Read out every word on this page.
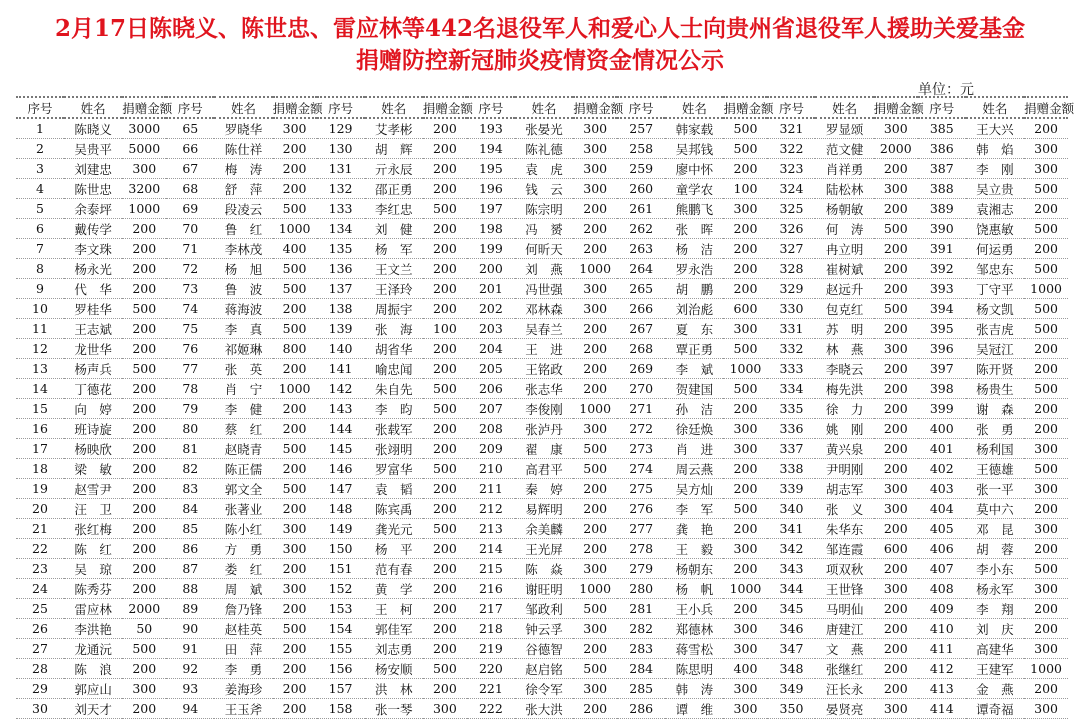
2月17日陈晓义、陈世忠、雷应林等442名退役军人和爱心人士向贵州省退役军人援助关爱基金
捐赠防控新冠肺炎疫情资金情况公示
单位：元
序号	姓名	捐赠金额	序号	姓名	捐赠金额	序号	姓名	捐赠金额	序号	姓名	捐赠金额	序号	姓名	捐赠金额	序号	姓名	捐赠金额	序号	姓名	捐赠金额
1	陈晓义	3000	65	罗晓华	300	129	艾孝彬	200	193	张晏光	300	257	韩家载	500	321	罗显颂	300	385	王大兴	200
2	吴贵平	5000	66	陈仕祥	200	130	胡　辉	200	194	陈礼德	300	258	吴邦钱	500	322	范文健	2000	386	韩　焰	300
3	刘建忠	300	67	梅　涛	200	131	亓永辰	200	195	袁　虎	300	259	廖中怀	200	323	肖祥勇	200	387	李　刚	300
4	陈世忠	3200	68	舒　萍	200	132	邵正勇	200	196	钱　云	300	260	童学农	100	324	陆松林	300	388	吴立贵	500
5	余泰坪	1000	69	段凌云	500	133	李红忠	500	197	陈宗明	200	261	熊鹏飞	300	325	杨朝敏	200	389	袁湘志	200
6	戴传学	200	70	鲁　红	1000	134	刘　健	200	198	冯　赟	200	262	张　晖	200	326	何　涛	500	390	饶惠敏	500
7	李文珠	200	71	李林茂	400	135	杨　军	200	199	何昕天	200	263	杨　洁	200	327	冉立明	200	391	何运勇	200
8	杨永光	200	72	杨　旭	500	136	王文兰	200	200	刘　燕	1000	264	罗永浩	200	328	崔树斌	200	392	邹忠东	500
9	代　华	200	73	鲁　波	500	137	王泽玲	200	201	冯世强	300	265	胡　鹏	200	329	赵远升	200	393	丁守平	1000
10	罗桂华	500	74	蒋海波	200	138	周振宇	200	202	邓林森	300	266	刘治彪	600	330	包克红	500	394	杨文凯	500
11	王志斌	200	75	李　真	500	139	张　海	100	203	吴春兰	200	267	夏　东	300	331	苏　明	200	395	张吉虎	500
12	龙世华	200	76	祁姬琳	800	140	胡省华	200	204	王　进	200	268	覃正勇	500	332	林　燕	300	396	吴冠江	200
13	杨声兵	500	77	张　英	200	141	喻忠闻	200	205	王铭政	200	269	李　斌	1000	333	李晓云	200	397	陈开贤	200
14	丁德花	200	78	肖　宁	1000	142	朱自先	500	206	张志华	200	270	贺建国	500	334	梅先洪	200	398	杨贵生	500
15	向　婷	200	79	李　健	200	143	李　昀	500	207	李俊刚	1000	271	孙　洁	200	335	徐　力	200	399	谢　森	200
16	班诗旋	200	80	蔡　红	200	144	张载军	200	208	张泸丹	300	272	徐廷焕	300	336	姚　刚	200	400	张　勇	200
17	杨映欣	200	81	赵晓青	500	145	张翊明	200	209	翟　康	500	273	肖　进	300	337	黄兴泉	200	401	杨利国	300
18	梁　敏	200	82	陈正儒	200	146	罗富华	500	210	高君平	500	274	周云燕	200	338	尹明刚	200	402	王德雄	500
19	赵雪尹	200	83	郭文全	500	147	袁　韬	200	211	秦　婷	200	275	吴方灿	200	339	胡志军	300	403	张一平	300
20	汪　卫	200	84	张著业	200	148	陈宾禹	200	212	易辉明	200	276	李　军	500	340	张　义	300	404	莫中六	200
21	张红梅	200	85	陈小红	300	149	龚光元	500	213	余美麟	200	277	龚　艳	200	341	朱华东	200	405	邓　昆	300
22	陈　红	200	86	方　勇	300	150	杨　平	200	214	王光屏	200	278	王　毅	300	342	邹连霞	600	406	胡　蓉	200
23	吴　琼	200	87	娄　红	200	151	范有春	200	215	陈　焱	300	279	杨朝东	200	343	项双秋	200	407	李小东	500
24	陈秀芬	200	88	周　斌	300	152	黄　学	200	216	谢旺明	1000	280	杨　帆	1000	344	王世锋	300	408	杨永军	300
25	雷应林	2000	89	詹乃锋	200	153	王　柯	200	217	邹政利	500	281	王小兵	200	345	马明仙	200	409	李　翔	200
26	李洪艳	50	90	赵桂英	500	154	郭佳军	200	218	钟云孚	300	282	郑德林	300	346	唐建江	200	410	刘　庆	200
27	龙通沅	500	91	田　萍	200	155	刘志勇	200	219	谷德智	200	283	蒋雪松	300	347	文　燕	200	411	高建华	300
28	陈　浪	200	92	李　勇	200	156	杨安顺	500	220	赵启铭	500	284	陈思明	400	348	张继红	200	412	王建军	1000
29	郭应山	300	93	姜海珍	200	157	洪　林	200	221	徐令军	300	285	韩　涛	300	349	汪长永	200	413	金　燕	200
30	刘天才	200	94	王玉斧	200	158	张一琴	300	222	张大洪	200	286	谭　维	300	350	晏贤亮	300	414	谭奇福	300
